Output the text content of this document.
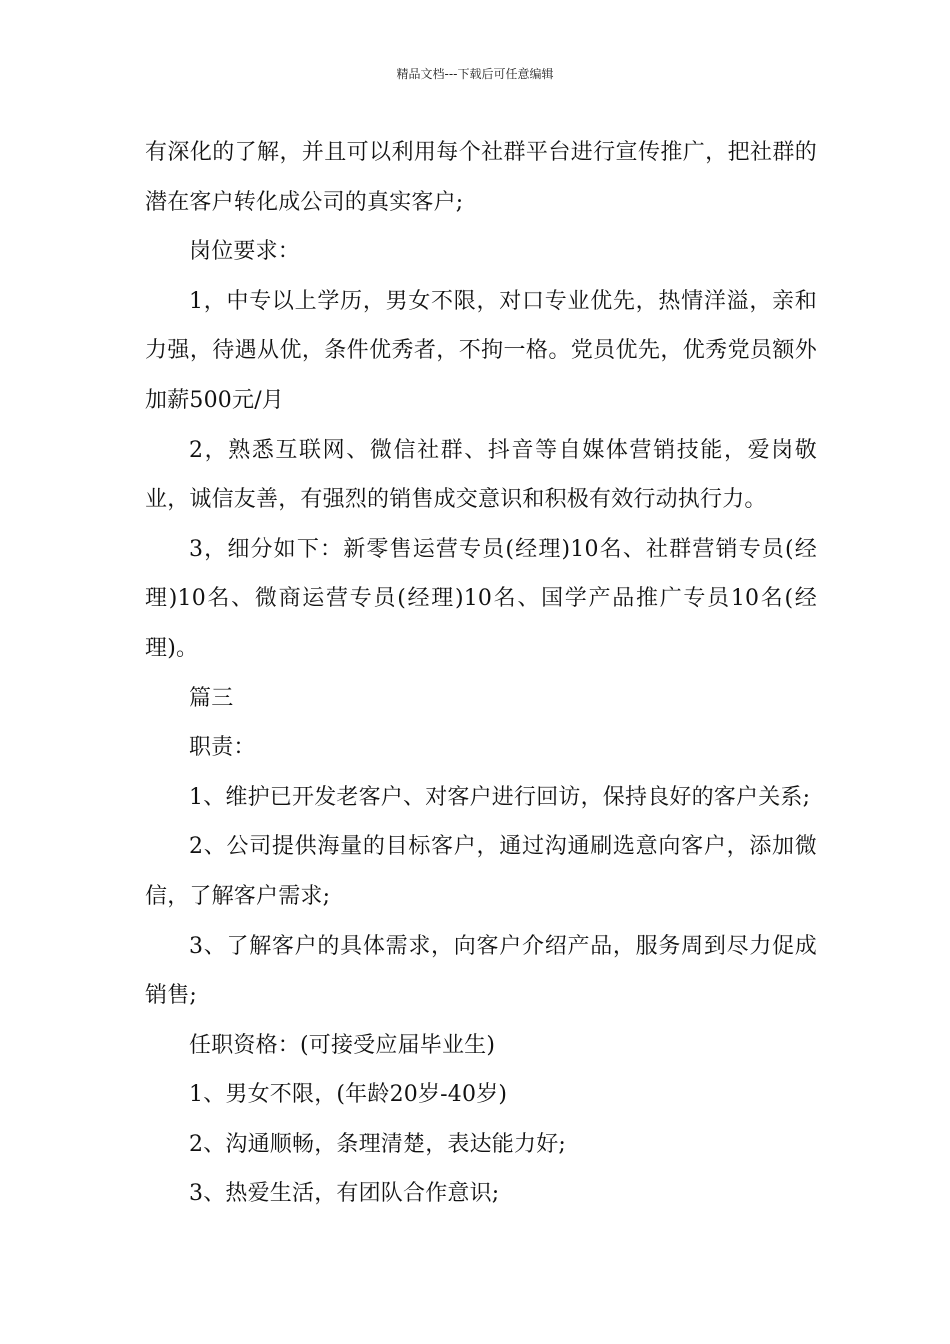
精品文档---下载后可任意编辑

有深化的了解，并且可以利用每个社群平台进行宣传推广，把社群的潜在客户转化成公司的真实客户;

岗位要求：

1，中专以上学历，男女不限，对口专业优先，热情洋溢，亲和力强，待遇从优，条件优秀者，不拘一格。党员优先，优秀党员额外加薪500元/月

2，熟悉互联网、微信社群、抖音等自媒体营销技能，爱岗敬业，诚信友善，有强烈的销售成交意识和积极有效行动执行力。

3，细分如下：新零售运营专员(经理)10名、社群营销专员(经理)10名、微商运营专员(经理)10名、国学产品推广专员10名(经理)。

篇三

职责：

1、维护已开发老客户、对客户进行回访，保持良好的客户关系;

2、公司提供海量的目标客户，通过沟通刷选意向客户，添加微信，了解客户需求;

3、了解客户的具体需求，向客户介绍产品，服务周到尽力促成销售;

任职资格：(可接受应届毕业生)

1、男女不限，(年龄20岁-40岁)

2、沟通顺畅，条理清楚，表达能力好;

3、热爱生活，有团队合作意识;
